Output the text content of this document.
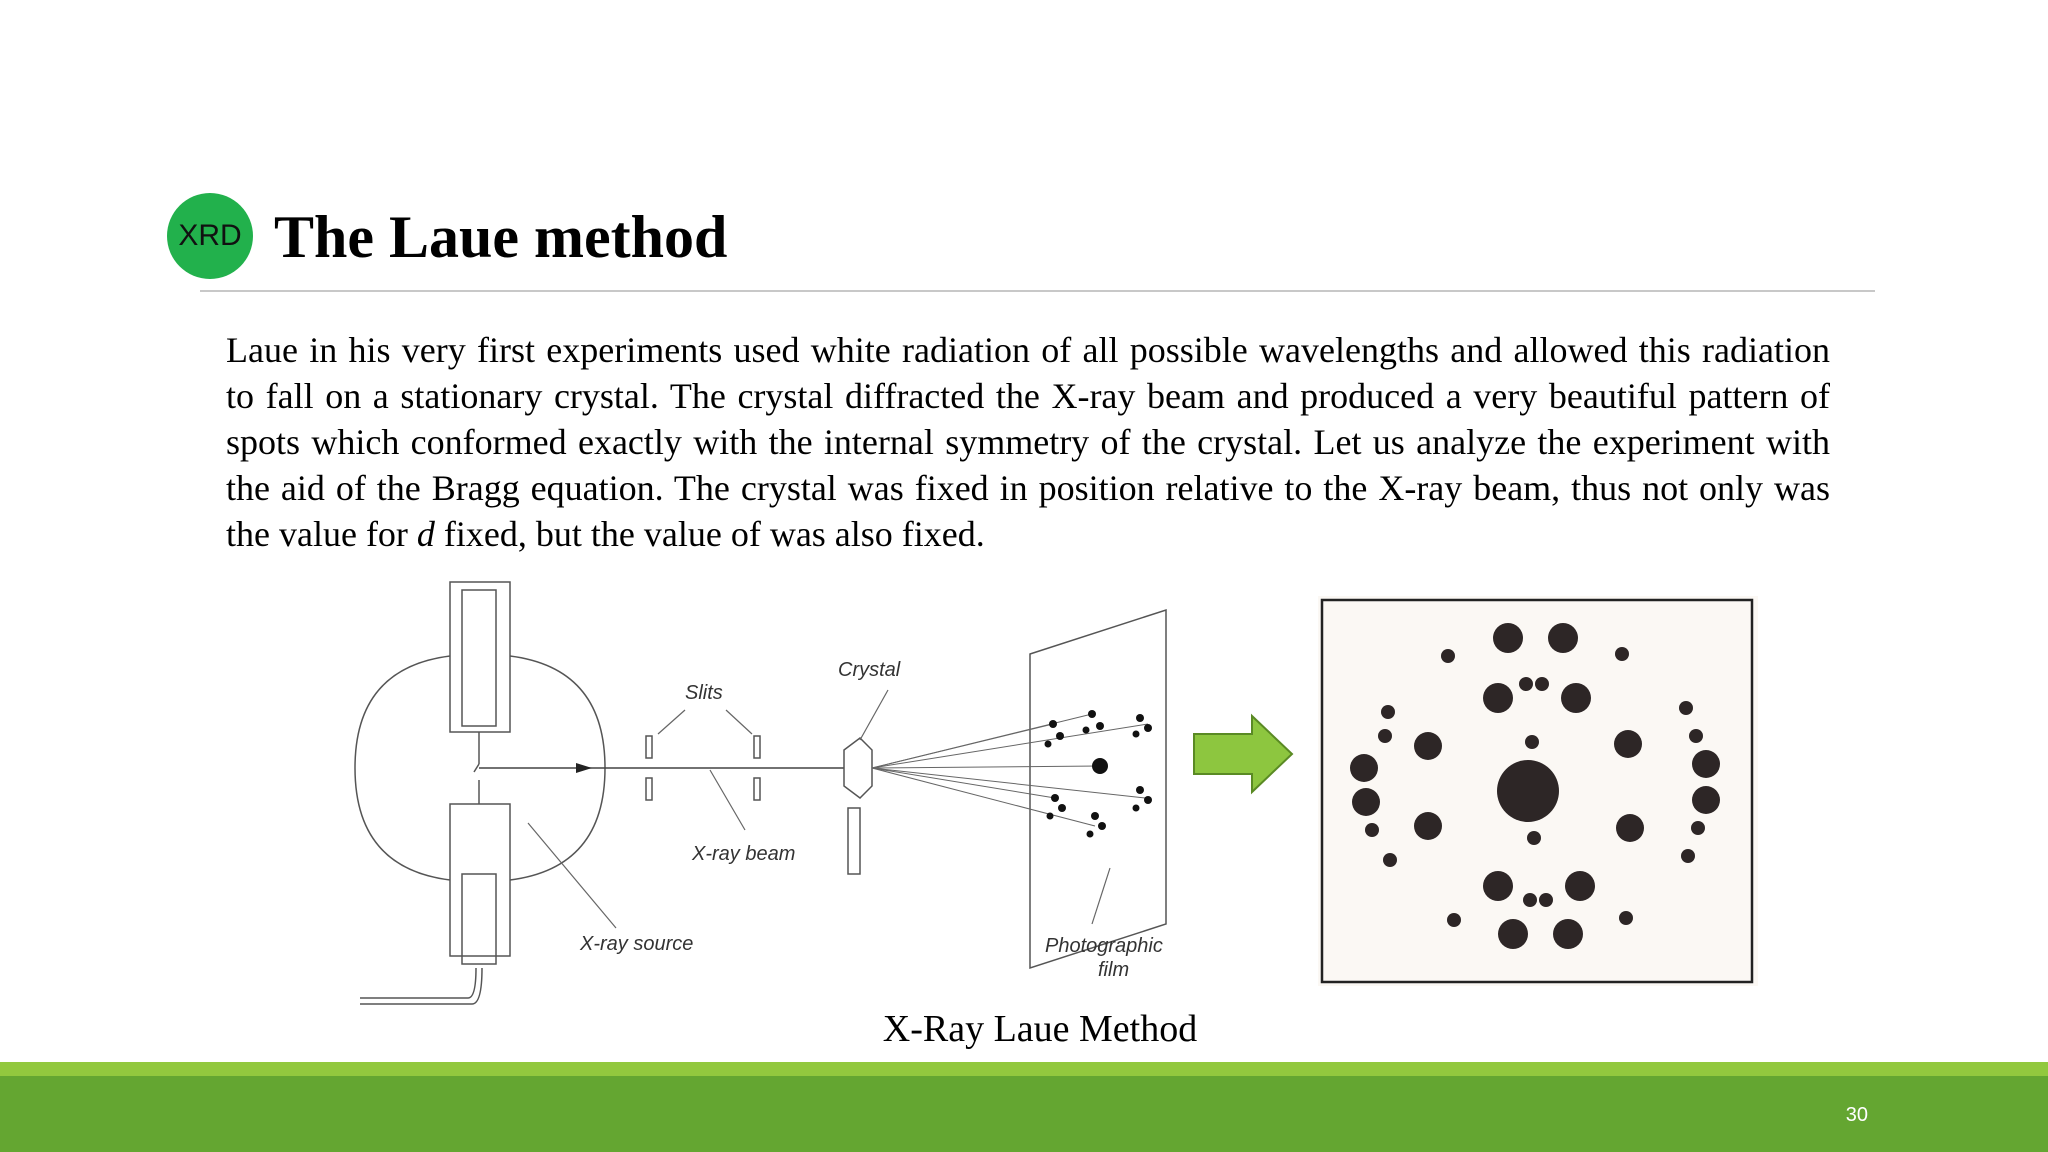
XRD The Laue method

Laue in his very first experiments used white radiation of all possible wavelengths and allowed this radiation to fall on a stationary crystal. The crystal diffracted the X-ray beam and produced a very beautiful pattern of spots which conformed exactly with the internal symmetry of the crystal. Let us analyze the experiment with the aid of the Bragg equation. The crystal was fixed in position relative to the X-ray beam, thus not only was the value for d fixed, but the value of was also fixed.

Slits
Crystal
X-ray beam
X-ray source	Photographic
film
X-Ray Laue Method
30
